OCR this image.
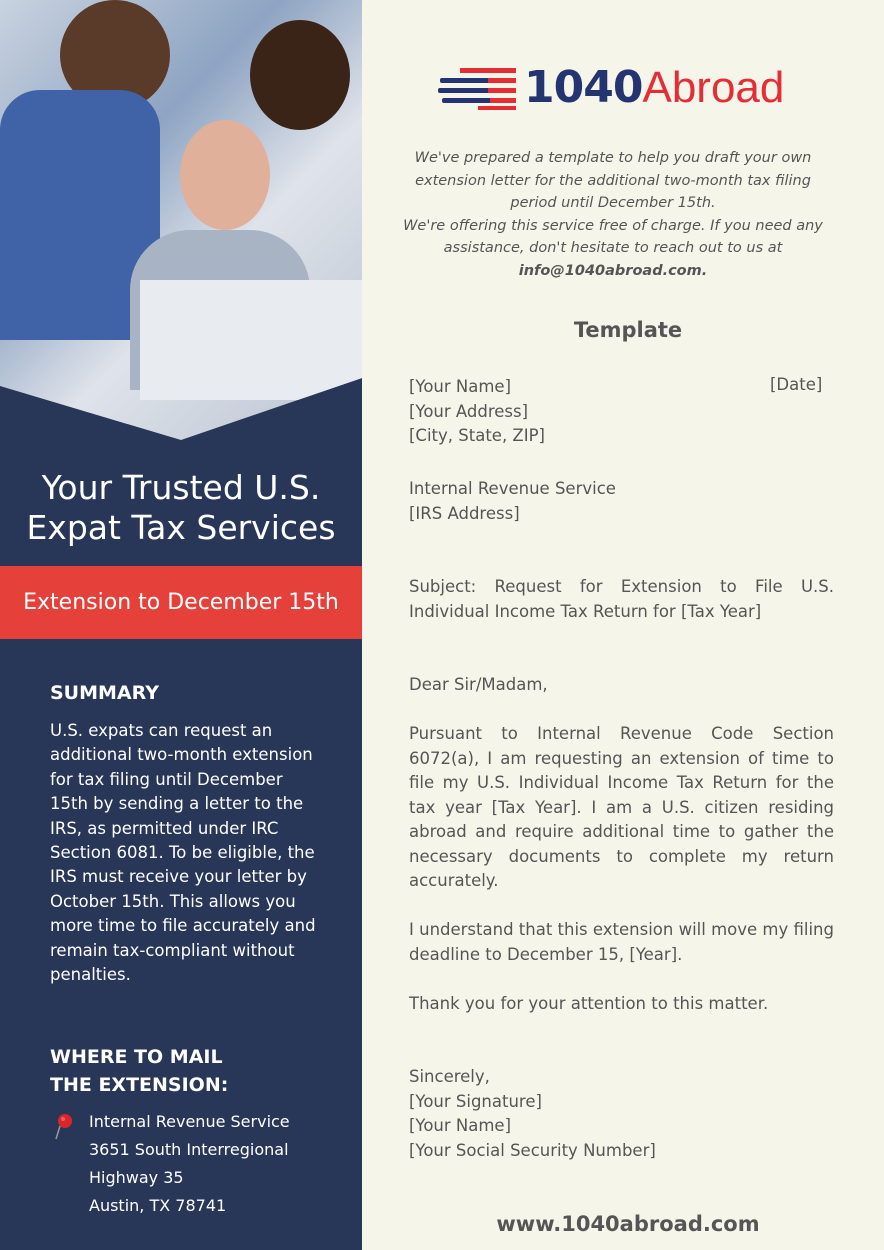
Your Trusted U.S.
Expat Tax Services
Extension to December 15th
SUMMARY
U.S. expats can request an additional two-month extension for tax filing until December 15th by sending a letter to the IRS, as permitted under IRC Section 6081. To be eligible, the IRS must receive your letter by October 15th. This allows you more time to file accurately and remain tax-compliant without penalties.
WHERE TO MAIL
THE EXTENSION:
Internal Revenue Service
3651 South Interregional
Highway 35
Austin, TX 78741
1040 Abroad
We've prepared a template to help you draft your own
extension letter for the additional two-month tax filing
period until December 15th.
We're offering this service free of charge. If you need any
assistance, don't hesitate to reach out to us at
info@1040abroad.com.
Template
[Date]
[Your Name]
[Your Address]
[City, State, ZIP]
Internal Revenue Service
[IRS Address]
Subject: Request for Extension to File U.S. Individual Income Tax Return for [Tax Year]
Dear Sir/Madam,
Pursuant to Internal Revenue Code Section 6072(a), I am requesting an extension of time to file my U.S. Individual Income Tax Return for the tax year [Tax Year]. I am a U.S. citizen residing abroad and require additional time to gather the necessary documents to complete my return accurately.
I understand that this extension will move my filing deadline to December 15, [Year].
Thank you for your attention to this matter.
Sincerely,
[Your Signature]
[Your Name]
[Your Social Security Number]
www.1040abroad.com
